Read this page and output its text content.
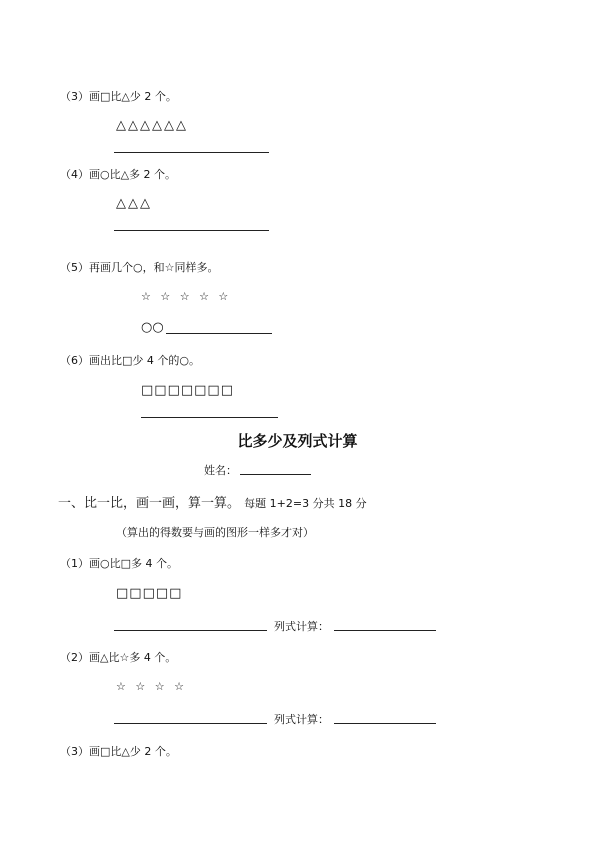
（3）画□比△少 2 个。
△△△△△△
（4）画○比△多 2 个。
△△△
（5）再画几个○，和☆同样多。
☆ ☆ ☆ ☆ ☆
○○
（6）画出比□少 4 个的○。
□□□□□□□
比多少及列式计算
姓名：
一、比一比，画一画，算一算。 每题 1+2=3 分共 18 分
（算出的得数要与画的图形一样多才对）
（1）画○比□多 4 个。
□□□□□
列式计算：
（2）画△比☆多 4 个。
☆ ☆ ☆ ☆
列式计算：
（3）画□比△少 2 个。
